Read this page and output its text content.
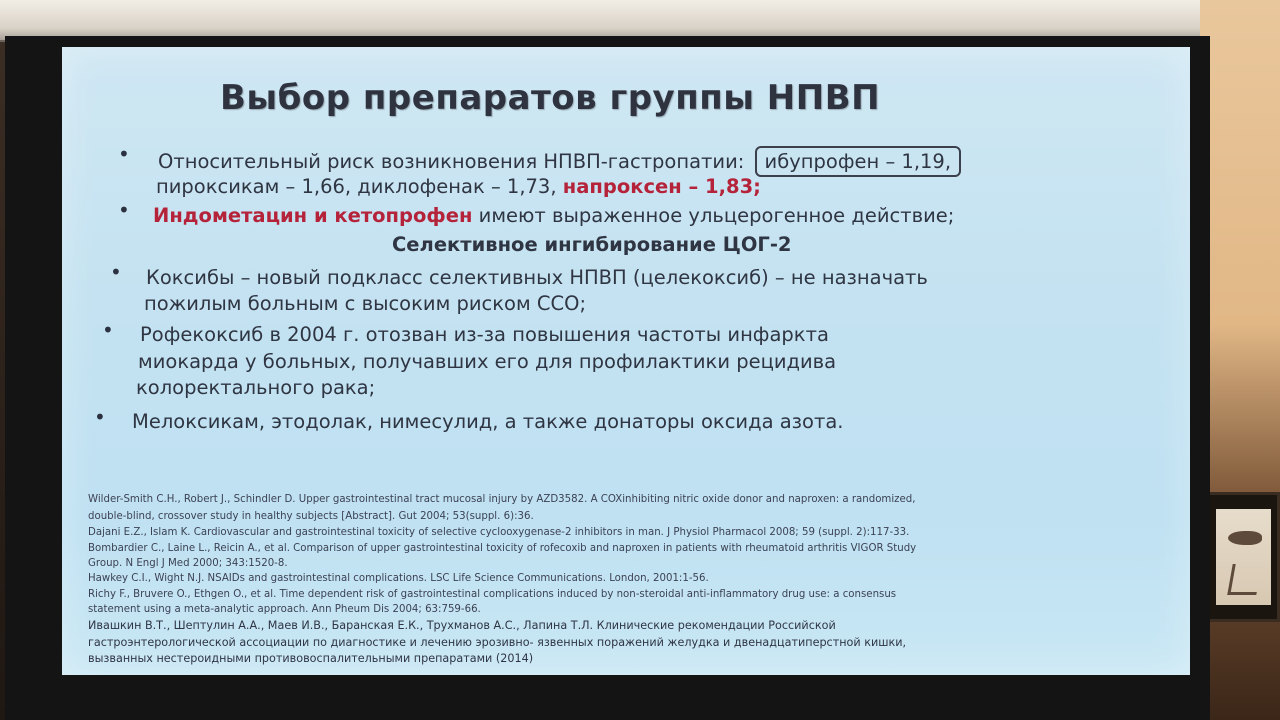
Выбор препаратов группы НПВП
• Относительный риск возникновения НПВП-гастропатии: ибупрофен – 1,19,
пироксикам – 1,66, диклофенак – 1,73, напроксен – 1,83;
• Индометацин и кетопрофен имеют выраженное ульцерогенное действие;
Селективное ингибирование ЦОГ-2
• Коксибы – новый подкласс селективных НПВП (целекоксиб) – не назначать
пожилым больным с высоким риском ССО;
• Рофекоксиб в 2004 г. отозван из-за повышения частоты инфаркта
миокарда у больных, получавших его для профилактики рецидива
колоректального рака;
• Мелоксикам, этодолак, нимесулид, а также донаторы оксида азота.
Wilder-Smith C.H., Robert J., Schindler D. Upper gastrointestinal tract mucosal injury by AZD3582. A COXinhibiting nitric oxide donor and naproxen: a randomized,
double-blind, crossover study in healthy subjects [Abstract]. Gut 2004; 53(suppl. 6):36.
Dajani E.Z., Islam K. Cardiovascular and gastrointestinal toxicity of selective cyclooxygenase-2 inhibitors in man. J Physiol Pharmacol 2008; 59 (suppl. 2):117-33.
Bombardier C., Laine L., Reicin A., et al. Comparison of upper gastrointestinal toxicity of rofecoxib and naproxen in patients with rheumatoid arthritis VIGOR Study
Group. N Engl J Med 2000; 343:1520-8.
Hawkey C.I., Wight N.J. NSAIDs and gastrointestinal complications. LSC Life Science Communications. London, 2001:1-56.
Richy F., Bruvere O., Ethgen O., et al. Time dependent risk of gastrointestinal complications induced by non-steroidal anti-inflammatory drug use: a consensus
statement using a meta-analytic approach. Ann Pheum Dis 2004; 63:759-66.
Ивашкин В.Т., Шептулин А.А., Маев И.В., Баранская Е.К., Трухманов А.С., Лапина Т.Л. Клинические рекомендации Российской
гастроэнтерологической ассоциации по диагностике и лечению эрозивно- язвенных поражений желудка и двенадцатиперстной кишки,
вызванных нестероидными противовоспалительными препаратами (2014)
